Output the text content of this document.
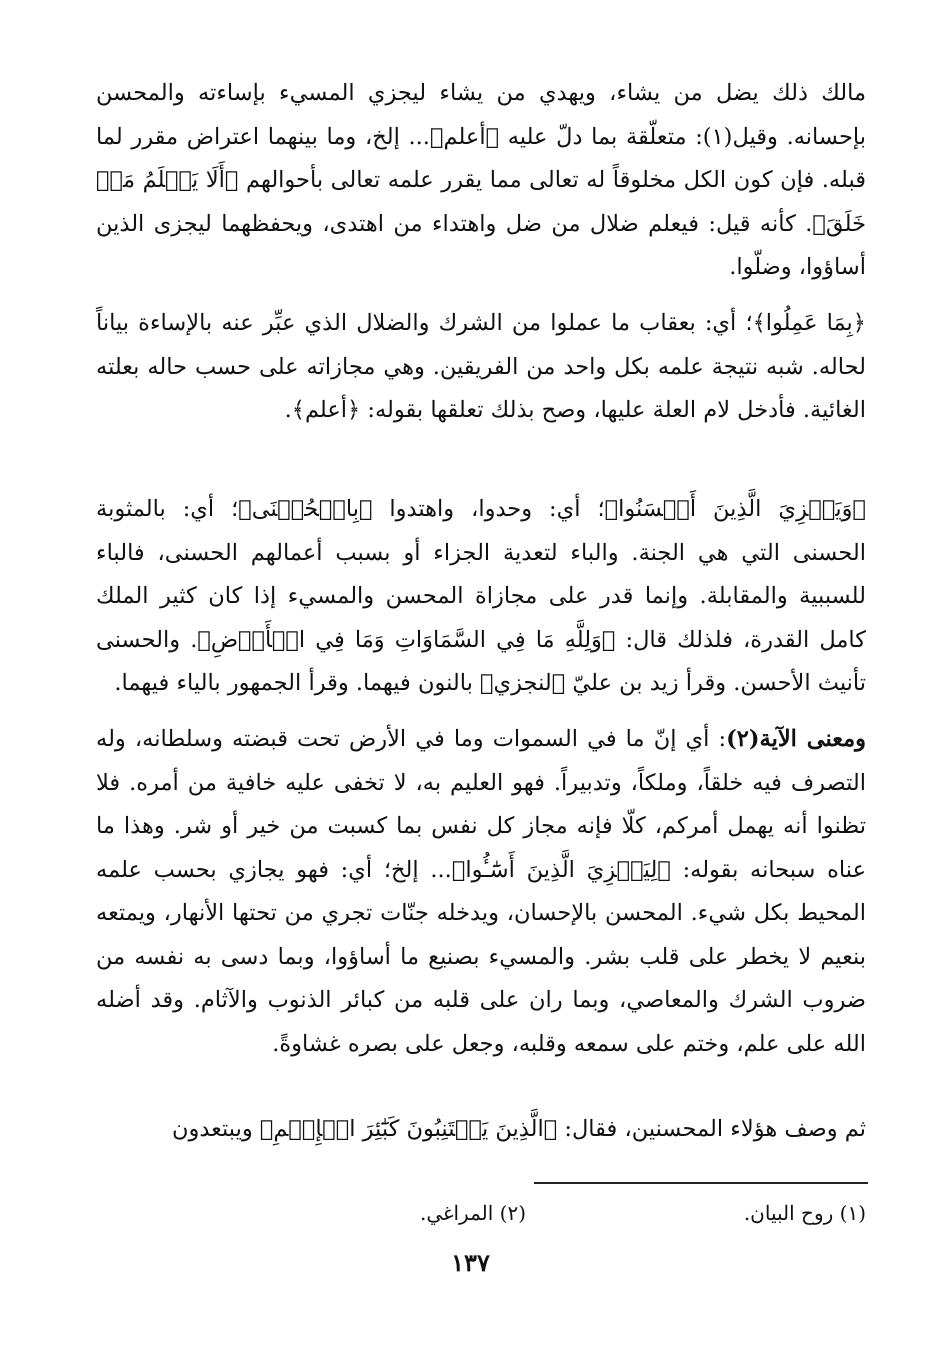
مالك ذلك يضل من يشاء، ويهدي من يشاء ليجزي المسيء بإساءته والمحسن بإحسانه. وقيل(١): متعلّقة بما دلّ عليه ﴿أعلم﴾... إلخ، وما بينهما اعتراض مقرر لما قبله. فإن كون الكل مخلوقاً له تعالى مما يقرر علمه تعالى بأحوالهم ﴿أَلَا يَعۡلَمُ مَنۡ خَلَقَ﴾. كأنه قيل: فيعلم ضلال من ضل واهتداء من اهتدى، ويحفظهما ليجزى الذين أساؤوا، وضلّوا.

﴿بِمَا عَمِلُوا﴾؛ أي: بعقاب ما عملوا من الشرك والضلال الذي عبِّر عنه بالإساءة بياناً لحاله. شبه نتيجة علمه بكل واحد من الفريقين. وهي مجازاته على حسب حاله بعلته الغائية. فأدخل لام العلة عليها، وصح بذلك تعلقها بقوله: ﴿أعلم﴾.

﴿وَيَجۡزِيَ الَّذِينَ أَحۡسَنُوا﴾؛ أي: وحدوا، واهتدوا ﴿بِالۡحُسۡنَى﴾؛ أي: بالمثوبة الحسنى التي هي الجنة. والباء لتعدية الجزاء أو بسبب أعمالهم الحسنى، فالباء للسببية والمقابلة. وإنما قدر على مجازاة المحسن والمسيء إذا كان كثير الملك كامل القدرة، فلذلك قال: ﴿وَلِلَّهِ مَا فِي السَّمَاوَاتِ وَمَا فِي الۡأَرۡضِ﴾. والحسنى تأنيث الأحسن. وقرأ زيد بن عليّ ﴿لنجزي﴾ بالنون فيهما. وقرأ الجمهور بالياء فيهما.

ومعنى الآية(٢): أي إنّ ما في السموات وما في الأرض تحت قبضته وسلطانه، وله التصرف فيه خلقاً، وملكاً، وتدبيراً. فهو العليم به، لا تخفى عليه خافية من أمره. فلا تظنوا أنه يهمل أمركم، كلّا فإنه مجاز كل نفس بما كسبت من خير أو شر. وهذا ما عناه سبحانه بقوله: ﴿لِيَجۡزِيَ الَّذِينَ أَسَٰٓـُٔوا﴾... إلخ؛ أي: فهو يجازي بحسب علمه المحيط بكل شيء. المحسن بالإحسان، ويدخله جنّات تجري من تحتها الأنهار، ويمتعه بنعيم لا يخطر على قلب بشر. والمسيء بصنيع ما أساؤوا، وبما دسى به نفسه من ضروب الشرك والمعاصي، وبما ران على قلبه من كبائر الذنوب والآثام. وقد أضله الله على علم، وختم على سمعه وقلبه، وجعل على بصره غشاوةً.

ثم وصف هؤلاء المحسنين، فقال: ﴿الَّذِينَ يَجۡتَنِبُونَ كَبَٰٓئِرَ الۡإِثۡمِ﴾ ويبتعدون

(١) روح البيان.
(٢) المراغي.
١٣٧
